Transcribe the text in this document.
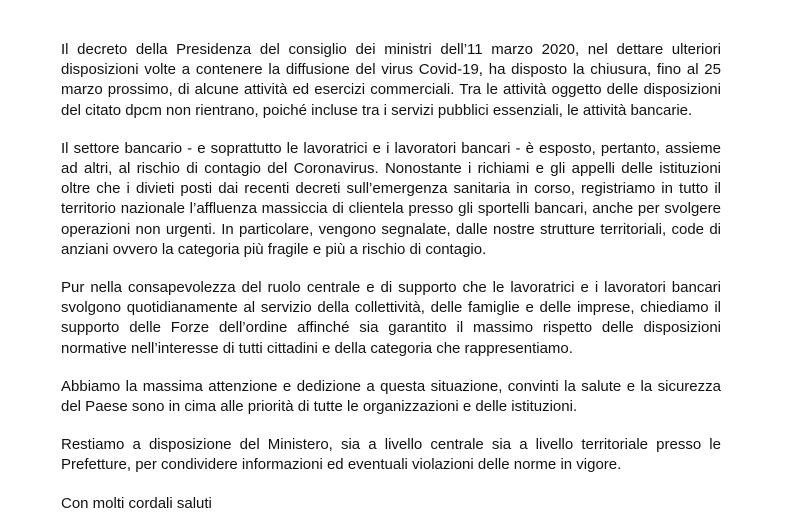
Il decreto della Presidenza del consiglio dei ministri dell’11 marzo 2020, nel dettare ulteriori disposizioni volte a contenere la diffusione del virus Covid-19, ha disposto la chiusura, fino al 25 marzo prossimo, di alcune attività ed esercizi commerciali. Tra le attività oggetto delle disposizioni del citato dpcm non rientrano, poiché incluse tra i servizi pubblici essenziali, le attività bancarie.

Il settore bancario - e soprattutto le lavoratrici e i lavoratori bancari - è esposto, pertanto, assieme ad altri, al rischio di contagio del Coronavirus. Nonostante i richiami e gli appelli delle istituzioni oltre che i divieti posti dai recenti decreti sull’emergenza sanitaria in corso, registriamo in tutto il territorio nazionale l’affluenza massiccia di clientela presso gli sportelli bancari, anche per svolgere operazioni non urgenti. In particolare, vengono segnalate, dalle nostre strutture territoriali, code di anziani ovvero la categoria più fragile e più a rischio di contagio.

Pur nella consapevolezza del ruolo centrale e di supporto che le lavoratrici e i lavoratori bancari svolgono quotidianamente al servizio della collettività, delle famiglie e delle imprese, chiediamo il supporto delle Forze dell’ordine affinché sia garantito il massimo rispetto delle disposizioni normative nell’interesse di tutti cittadini e della categoria che rappresentiamo.

Abbiamo la massima attenzione e dedizione a questa situazione, convinti la salute e la sicurezza del Paese sono in cima alle priorità di tutte le organizzazioni e delle istituzioni.

Restiamo a disposizione del Ministero, sia a livello centrale sia a livello territoriale presso le Prefetture, per condividere informazioni ed eventuali violazioni delle norme in vigore.

Con molti cordali saluti
